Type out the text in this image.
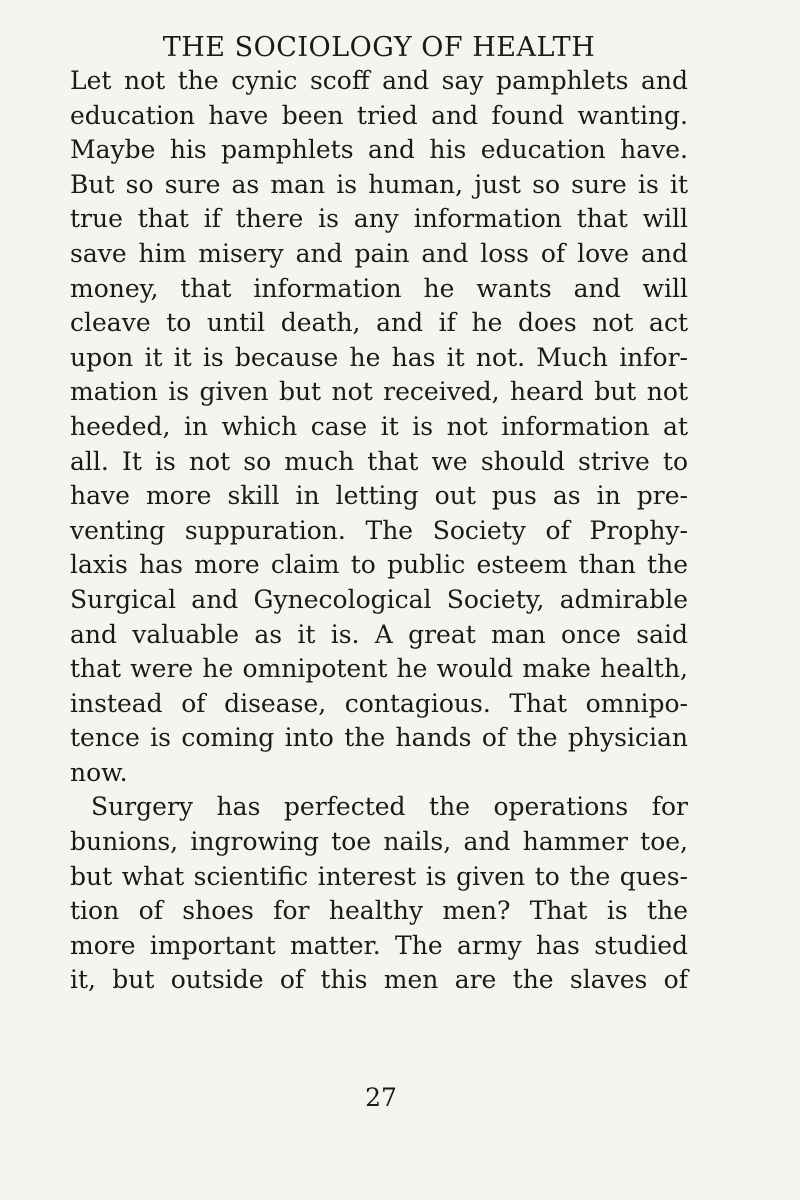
THE SOCIOLOGY OF HEALTH
Let not the cynic scoff and say pamphlets and
education have been tried and found wanting.
Maybe his pamphlets and his education have.
But so sure as man is human, just so sure is it
true that if there is any information that will
save him misery and pain and loss of love and
money, that information he wants and will
cleave to until death, and if he does not act
upon it it is because he has it not. Much infor-
mation is given but not received, heard but not
heeded, in which case it is not information at
all. It is not so much that we should strive to
have more skill in letting out pus as in pre-
venting suppuration. The Society of Prophy-
laxis has more claim to public esteem than the
Surgical and Gynecological Society, admirable
and valuable as it is. A great man once said
that were he omnipotent he would make health,
instead of disease, contagious. That omnipo-
tence is coming into the hands of the physician
now.
Surgery has perfected the operations for
bunions, ingrowing toe nails, and hammer toe,
but what scientific interest is given to the ques-
tion of shoes for healthy men? That is the
more important matter. The army has studied
it, but outside of this men are the slaves of
27
